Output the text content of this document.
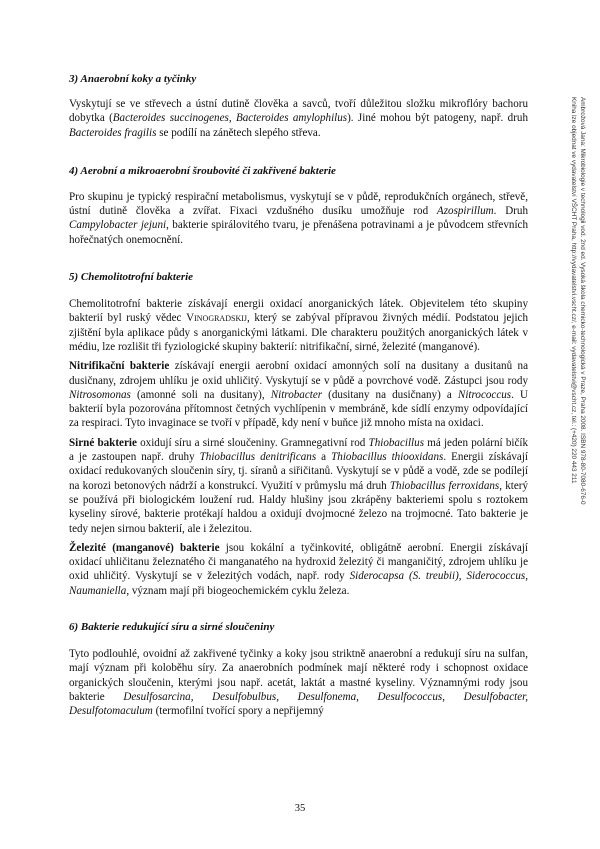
Ambrožová Jana: Mikrobiologie v technologii vod. 2nd ed. Vysoká škola chemicko-technologická v Praze, Praha 2008. ISBN 978-80-7080-676-0
Kniha lze objednat ve vydavatelství VŠCHT Praha, http://vydavatelstvi.vscht.cz/, e-mail: vydavatelstvi@vscht.cz, tel.: (+420) 220 443 211
3) Anaerobní koky a tyčinky

Vyskytují se ve střevech a ústní dutině člověka a savců, tvoří důležitou složku mikroflóry bachoru dobytka (Bacteroides succinogenes, Bacteroides amylophilus). Jiné mohou být patogeny, např. druh Bacteroides fragilis se podílí na zánětech slepého střeva.

4) Aerobní a mikroaerobní šroubovité či zakřivené bakterie

Pro skupinu je typický respirační metabolismus, vyskytují se v půdě, reprodukčních orgánech, střevě, ústní dutině člověka a zvířat. Fixaci vzdušného dusíku umožňuje rod Azospirillum. Druh Campylobacter jejuni, bakterie spirálovitého tvaru, je přenášena potravinami a je původcem střevních hořečnatých onemocnění.

5) Chemolitotrofní bakterie

Chemolitotrofní bakterie získávají energii oxidací anorganických látek. Objevitelem této skupiny bakterií byl ruský vědec Vinogradskij, který se zabýval přípravou živných médií. Podstatou jejich zjištění byla aplikace půdy s anorganickými látkami. Dle charakteru použitých anorganických látek v médiu, lze rozlišit tři fyziologické skupiny bakterií: nitrifikační, sirné, železité (manganové).

Nitrifikační bakterie získávají energii aerobní oxidací amonných solí na dusitany a dusitanů na dusičnany, zdrojem uhlíku je oxid uhličitý. Vyskytují se v půdě a povrchové vodě. Zástupci jsou rody Nitrosomonas (amonné soli na dusitany), Nitrobacter (dusitany na dusičnany) a Nitrococcus. U bakterií byla pozorována přítomnost četných vychlípenin v membráně, kde sídlí enzymy odpovídající za respiraci. Tyto invaginace se tvoří v případě, kdy není v buňce již mnoho místa na oxidaci.

Sirné bakterie oxidují síru a sirné sloučeniny. Gramnegativní rod Thiobacillus má jeden polární bičík a je zastoupen např. druhy Thiobacillus denitrificans a Thiobacillus thiooxidans. Energii získávají oxidací redukovaných sloučenin síry, tj. síranů a siřičitanů. Vyskytují se v půdě a vodě, zde se podílejí na korozi betonových nádrží a konstrukcí. Využití v průmyslu má druh Thiobacillus ferroxidans, který se používá při biologickém loužení rud. Haldy hlušiny jsou zkrápěny bakteriemi spolu s roztokem kyseliny sírové, bakterie protékají haldou a oxidují dvojmocné železo na trojmocné. Tato bakterie je tedy nejen sirnou bakterií, ale i železitou.

Železité (manganové) bakterie jsou kokální a tyčinkovité, obligátně aerobní. Energii získávají oxidací uhličitanu železnatého či manganatého na hydroxid železitý či manganičitý, zdrojem uhlíku je oxid uhličitý. Vyskytují se v železitých vodách, např. rody Siderocapsa (S. treubii), Siderococcus, Naumaniella, význam mají při biogeochemickém cyklu železa.

6) Bakterie redukující síru a sirné sloučeniny

Tyto podlouhlé, ovoidní až zakřivené tyčinky a koky jsou striktně anaerobní a redukují síru na sulfan, mají význam při koloběhu síry. Za anaerobních podmínek mají některé rody i schopnost oxidace organických sloučenin, kterými jsou např. acetát, laktát a mastné kyseliny. Významnými rody jsou bakterie Desulfosarcina, Desulfobulbus, Desulfonema, Desulfococcus, Desulfobacter, Desulfotomaculum (termofilní tvořící spory a nepřijemný

35
